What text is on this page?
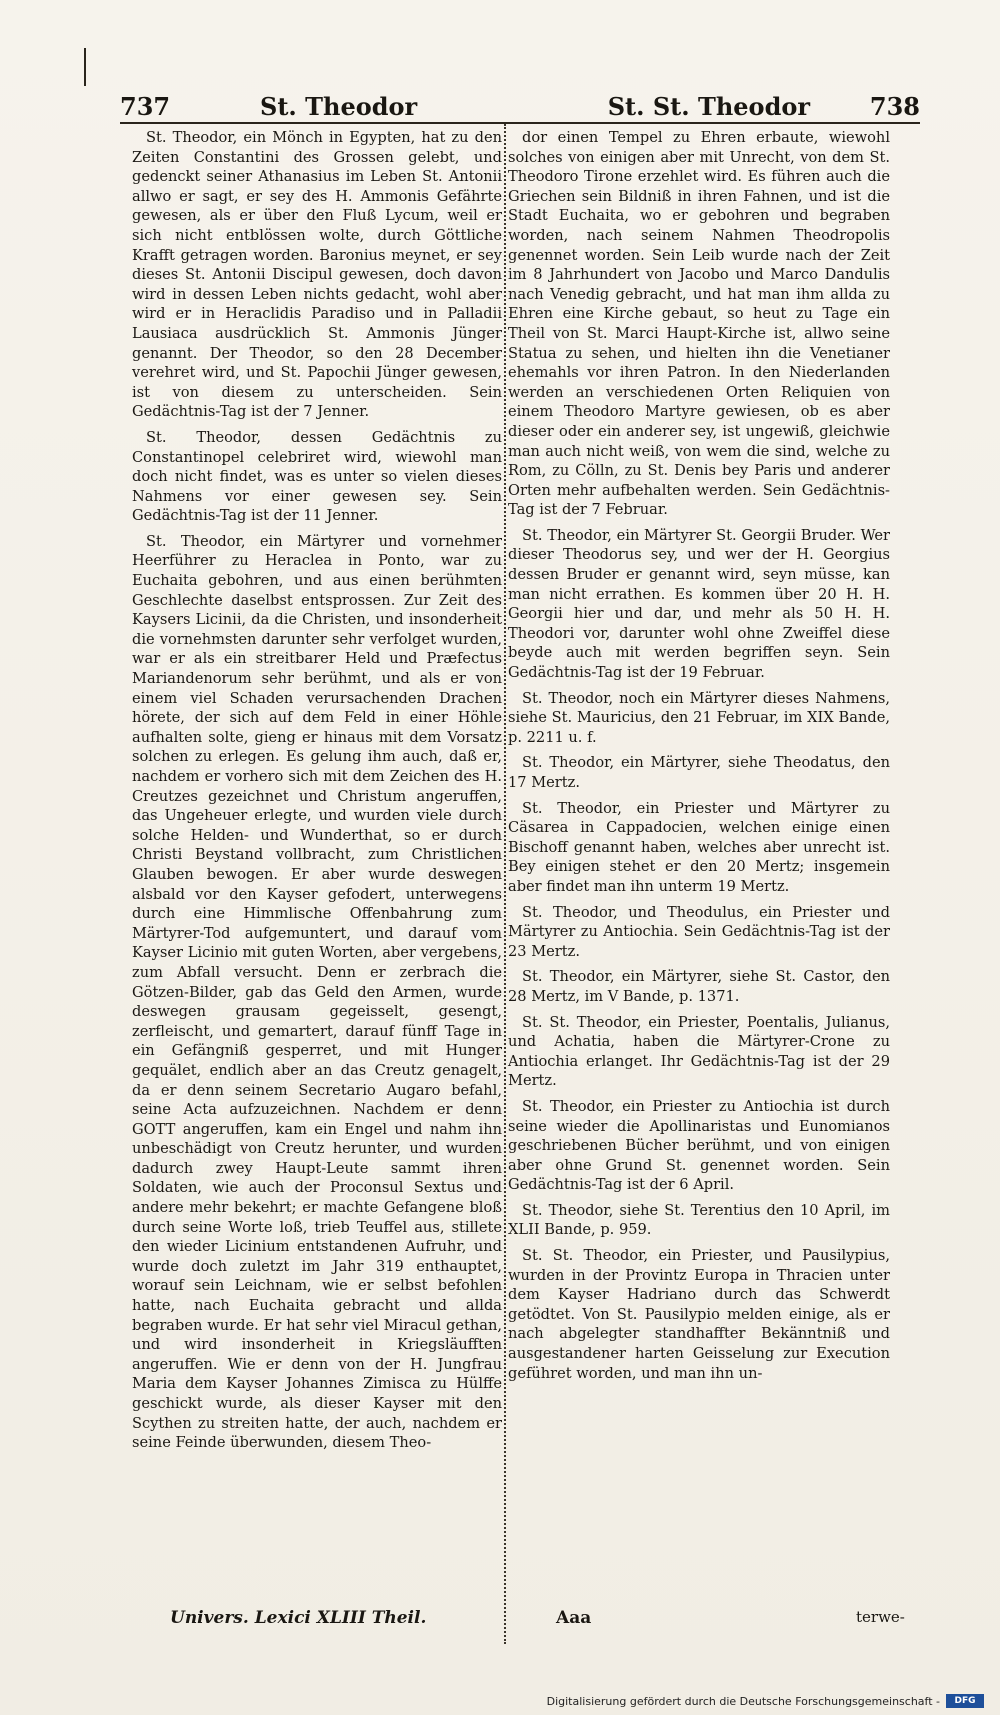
737	St. Theodor	St. St. Theodor 738

St. Theodor, ein Mönch in Egypten, hat zu den Zeiten Constantini des Grossen gelebt, und gedenckt seiner Athanasius im Leben St. Antonii allwo er sagt, er sey des H. Ammonis Gefährte gewesen, als er über den Fluß Lycum, weil er sich nicht entblössen wolte, durch Göttliche Krafft getragen worden. Baronius meynet, er sey dieses St. Antonii Discipul gewesen, doch davon wird in dessen Leben nichts gedacht, wohl aber wird er in Heraclidis Paradiso und in Palladii Lausiaca ausdrücklich St. Ammonis Jünger genannt. Der Theodor, so den 28 December verehret wird, und St. Papochii Jünger gewesen, ist von diesem zu unterscheiden. Sein Gedächtnis-Tag ist der 7 Jenner.

St. Theodor, dessen Gedächtnis zu Constantinopel celebriret wird, wiewohl man doch nicht findet, was es unter so vielen dieses Nahmens vor einer gewesen sey. Sein Gedächtnis-Tag ist der 11 Jenner.

St. Theodor, ein Märtyrer und vornehmer Heerführer zu Heraclea in Ponto, war zu Euchaita gebohren, und aus einen berühmten Geschlechte daselbst entsprossen. Zur Zeit des Kaysers Licinii, da die Christen, und insonderheit die vornehmsten darunter sehr verfolget wurden, war er als ein streitbarer Held und Præfectus Mariandenorum sehr berühmt, und als er von einem viel Schaden verursachenden Drachen hörete, der sich auf dem Feld in einer Höhle aufhalten solte, gieng er hinaus mit dem Vorsatz solchen zu erlegen. Es gelung ihm auch, daß er, nachdem er vorhero sich mit dem Zeichen des H. Creutzes gezeichnet und Christum angeruffen, das Ungeheuer erlegte, und wurden viele durch solche Helden- und Wunderthat, so er durch Christi Beystand vollbracht, zum Christlichen Glauben bewogen. Er aber wurde deswegen alsbald vor den Kayser gefodert, unterwegens durch eine Himmlische Offenbahrung zum Märtyrer-Tod aufgemuntert, und darauf vom Kayser Licinio mit guten Worten, aber vergebens, zum Abfall versucht. Denn er zerbrach die Götzen-Bilder, gab das Geld den Armen, wurde deswegen grausam gegeisselt, gesengt, zerfleischt, und gemartert, darauf fünff Tage in ein Gefängniß gesperret, und mit Hunger gequälet, endlich aber an das Creutz genagelt, da er denn seinem Secretario Augaro befahl, seine Acta aufzuzeichnen. Nachdem er denn GOTT angeruffen, kam ein Engel und nahm ihn unbeschädigt von Creutz herunter, und wurden dadurch zwey Haupt-Leute sammt ihren Soldaten, wie auch der Proconsul Sextus und andere mehr bekehrt; er machte Gefangene bloß durch seine Worte loß, trieb Teuffel aus, stillete den wieder Licinium entstandenen Aufruhr, und wurde doch zuletzt im Jahr 319 enthauptet, worauf sein Leichnam, wie er selbst befohlen hatte, nach Euchaita gebracht und allda begraben wurde. Er hat sehr viel Miracul gethan, und wird insonderheit in Kriegsläufften angeruffen. Wie er denn von der H. Jungfrau Maria dem Kayser Johannes Zimisca zu Hülffe geschickt wurde, als dieser Kayser mit den Scythen zu streiten hatte, der auch, nachdem er seine Feinde überwunden, diesem Theo-

dor einen Tempel zu Ehren erbaute, wiewohl solches von einigen aber mit Unrecht, von dem St. Theodoro Tirone erzehlet wird. Es führen auch die Griechen sein Bildniß in ihren Fahnen, und ist die Stadt Euchaita, wo er gebohren und begraben worden, nach seinem Nahmen Theodropolis genennet worden. Sein Leib wurde nach der Zeit im 8 Jahrhundert von Jacobo und Marco Dandulis nach Venedig gebracht, und hat man ihm allda zu Ehren eine Kirche gebaut, so heut zu Tage ein Theil von St. Marci Haupt-Kirche ist, allwo seine Statua zu sehen, und hielten ihn die Venetianer ehemahls vor ihren Patron. In den Niederlanden werden an verschiedenen Orten Reliquien von einem Theodoro Martyre gewiesen, ob es aber dieser oder ein anderer sey, ist ungewiß, gleichwie man auch nicht weiß, von wem die sind, welche zu Rom, zu Cölln, zu St. Denis bey Paris und anderer Orten mehr aufbehalten werden. Sein Gedächtnis-Tag ist der 7 Februar.

St. Theodor, ein Märtyrer St. Georgii Bruder. Wer dieser Theodorus sey, und wer der H. Georgius dessen Bruder er genannt wird, seyn müsse, kan man nicht errathen. Es kommen über 20 H. H. Georgii hier und dar, und mehr als 50 H. H. Theodori vor, darunter wohl ohne Zweiffel diese beyde auch mit werden begriffen seyn. Sein Gedächtnis-Tag ist der 19 Februar.

St. Theodor, noch ein Märtyrer dieses Nahmens, siehe St. Mauricius, den 21 Februar, im XIX Bande, p. 2211 u. f.

St. Theodor, ein Märtyrer, siehe Theodatus, den 17 Mertz.

St. Theodor, ein Priester und Märtyrer zu Cäsarea in Cappadocien, welchen einige einen Bischoff genannt haben, welches aber unrecht ist. Bey einigen stehet er den 20 Mertz; insgemein aber findet man ihn unterm 19 Mertz.

St. Theodor, und Theodulus, ein Priester und Märtyrer zu Antiochia. Sein Gedächtnis-Tag ist der 23 Mertz.

St. Theodor, ein Märtyrer, siehe St. Castor, den 28 Mertz, im V Bande, p. 1371.

St. St. Theodor, ein Priester, Poentalis, Julianus, und Achatia, haben die Märtyrer-Crone zu Antiochia erlanget. Ihr Gedächtnis-Tag ist der 29 Mertz.

St. Theodor, ein Priester zu Antiochia ist durch seine wieder die Apollinaristas und Eunomianos geschriebenen Bücher berühmt, und von einigen aber ohne Grund St. genennet worden. Sein Gedächtnis-Tag ist der 6 April.

St. Theodor, siehe St. Terentius den 10 April, im XLII Bande, p. 959.

St. St. Theodor, ein Priester, und Pausilypius, wurden in der Provintz Europa in Thracien unter dem Kayser Hadriano durch das Schwerdt getödtet. Von St. Pausilypio melden einige, als er nach abgelegter standhaffter Bekänntniß und ausgestandener harten Geisselung zur Execution geführet worden, und man ihn un-

Univers. Lexici XLIII Theil.	Aaa	terwe-
Digitalisierung gefördert durch die Deutsche Forschungsgemeinschaft -	DFG
